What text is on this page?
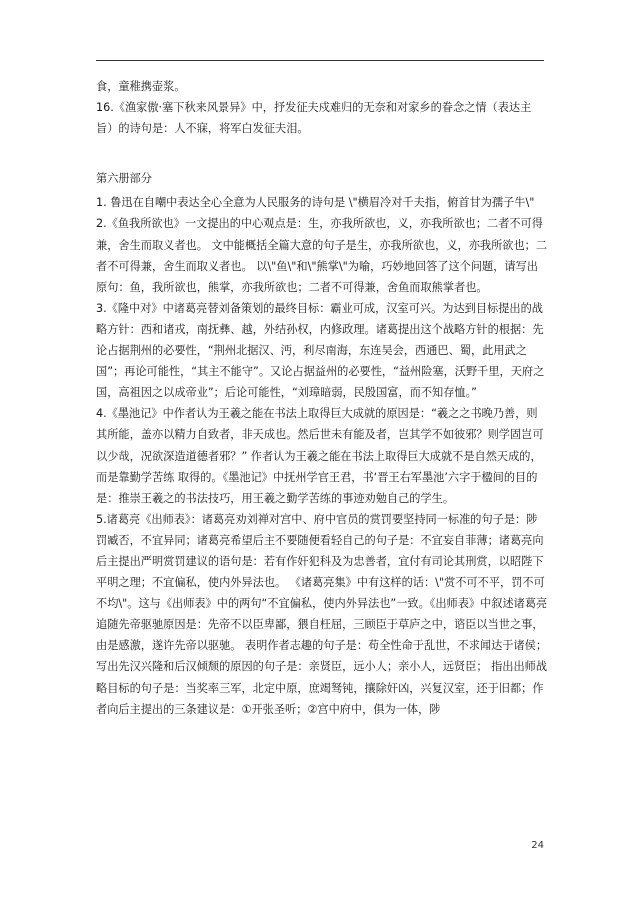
食，童稚携壶浆。

16.《渔家傲·塞下秋来风景异》中，抒发征夫戍难归的无奈和对家乡的眷念之情（表达主旨）的诗句是：人不寐，将军白发征夫泪。

第六册部分

1. 鲁迅在自嘲中表达全心全意为人民服务的诗句是 \"横眉冷对千夫指，俯首甘为孺子牛\"

2.《鱼我所欲也》一文提出的中心观点是：生，亦我所欲也，义，亦我所欲也；二者不可得兼，舍生而取义者也。 文中能概括全篇大意的句子是生，亦我所欲也，义，亦我所欲也；二者不可得兼，舍生而取义者也。 以\"鱼\"和\"熊掌\"为喻，巧妙地回答了这个问题，请写出原句：鱼，我所欲也，熊掌，亦我所欲也；二者不可得兼，舍鱼而取熊掌者也。

3.《隆中对》中诸葛亮替刘备策划的最终目标：霸业可成，汉室可兴。为达到目标提出的战略方针：西和诸戎，南抚彝、越，外结孙权，内修政理。诸葛提出这个战略方针的根据：先论占据荆州的必要性，“荆州北据汉、沔，利尽南海，东连吴会，西通巴、蜀，此用武之国”；再论可能性，“其主不能守”。又论占据益州的必要性，“益州险塞，沃野千里，天府之国，高祖因之以成帝业”；后论可能性，“刘璋暗弱，民殷国富，而不知存恤。”

4.《墨池记》中作者认为王羲之能在书法上取得巨大成就的原因是：“羲之之书晚乃善，则其所能，盖亦以精力自致者，非天成也。然后世未有能及者，岂其学不如彼邪？则学固岂可以少哉，况欲深造道德者邪？” 作者认为王羲之能在书法上取得巨大成就不是自然天成的，而是靠勤学苦练 取得的。《墨池记》中抚州学官王君，书‘晋王右军墨池’六字于楹间的目的是：推崇王羲之的书法技巧，用王羲之勤学苦练的事迹劝勉自己的学生。

5.诸葛亮《出师表》：诸葛亮劝刘禅对宫中、府中官员的赏罚要坚持同一标准的句子是：陟罚臧否，不宜异同；诸葛亮希望后主不要随便看轻自己的句子是：不宜妄自菲薄；诸葛亮向后主提出严明赏罚建议的语句是：若有作奸犯科及为忠善者，宜付有司论其刑赏，以昭陛下平明之理；不宜偏私，使内外异法也。 《诸葛亮集》中有这样的话：\"赏不可不平，罚不可不均\"。这与《出师表》中的两句“不宜偏私，使内外异法也”一致。《出师表》中叙述诸葛亮追随先帝驱驰原因是：先帝不以臣卑鄙，猥自枉屈，三顾臣于草庐之中，谘臣以当世之事，由是感激，遂许先帝以驱驰。 表明作者志趣的句子是：苟全性命于乱世，不求闻达于诸侯； 写出先汉兴隆和后汉倾颓的原因的句子是：亲贤臣，远小人；亲小人，远贤臣； 指出出师战略目标的句子是：当奖率三军，北定中原，庶竭驽钝，攘除奸凶，兴复汉室，还于旧都；作者向后主提出的三条建议是：①开张圣听；②宫中府中，俱为一体，陟

24
